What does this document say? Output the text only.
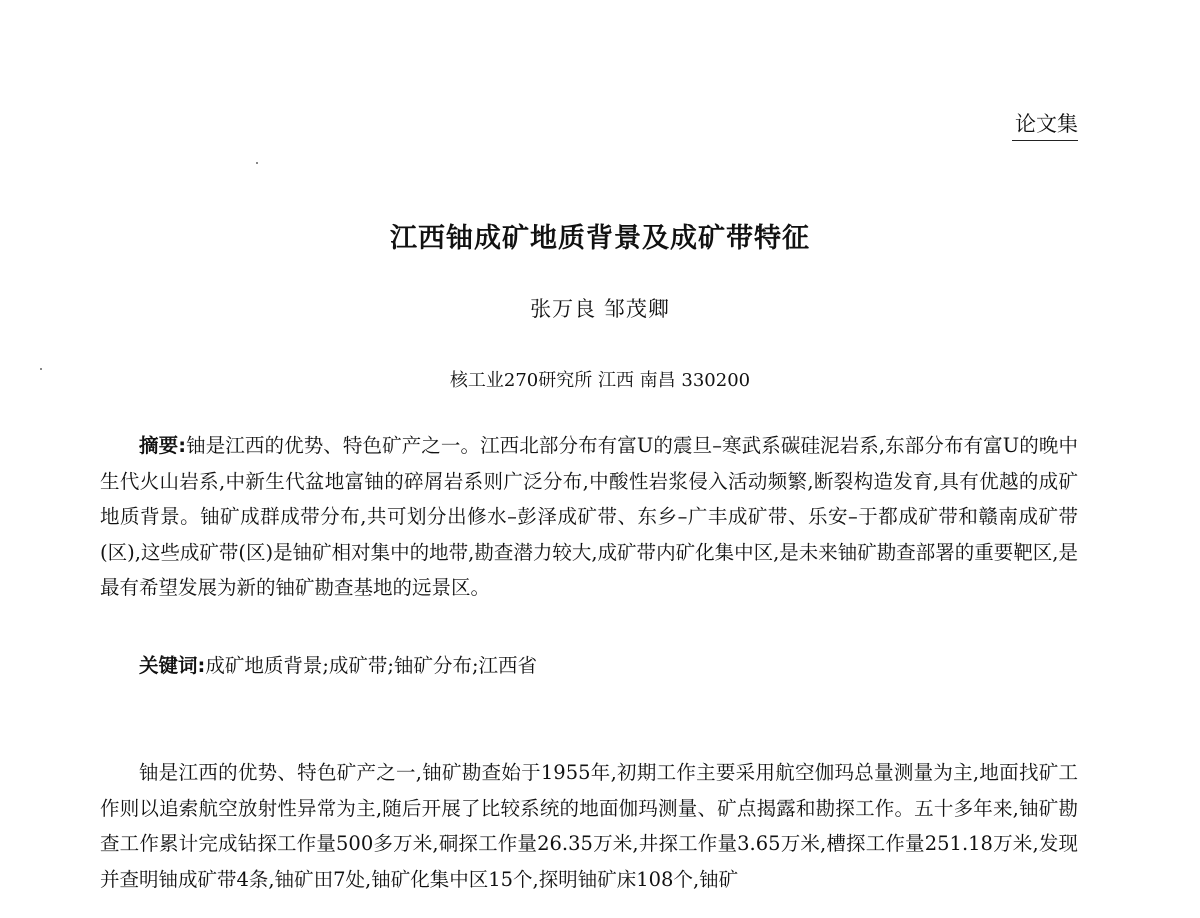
论文集
江西铀成矿地质背景及成矿带特征
张万良 邹茂卿
核工业270研究所 江西 南昌 330200
摘要:铀是江西的优势、特色矿产之一。江西北部分布有富U的震旦–寒武系碳硅泥岩系,东部分布有富U的晚中生代火山岩系,中新生代盆地富铀的碎屑岩系则广泛分布,中酸性岩浆侵入活动频繁,断裂构造发育,具有优越的成矿地质背景。铀矿成群成带分布,共可划分出修水–彭泽成矿带、东乡–广丰成矿带、乐安–于都成矿带和赣南成矿带(区),这些成矿带(区)是铀矿相对集中的地带,勘查潜力较大,成矿带内矿化集中区,是未来铀矿勘查部署的重要靶区,是最有希望发展为新的铀矿勘查基地的远景区。
关键词:成矿地质背景;成矿带;铀矿分布;江西省
铀是江西的优势、特色矿产之一,铀矿勘查始于1955年,初期工作主要采用航空伽玛总量测量为主,地面找矿工作则以追索航空放射性异常为主,随后开展了比较系统的地面伽玛测量、矿点揭露和勘探工作。五十多年来,铀矿勘查工作累计完成钻探工作量500多万米,硐探工作量26.35万米,井探工作量3.65万米,槽探工作量251.18万米,发现并查明铀成矿带4条,铀矿田7处,铀矿化集中区15个,探明铀矿床108个,铀矿
